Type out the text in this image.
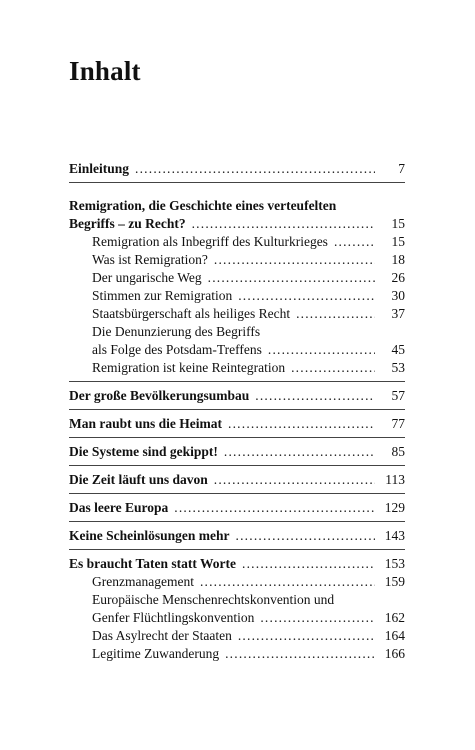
Inhalt
Einleitung .....	7
Remigration, die Geschichte eines verteufelten
Begriffs – zu Recht? .....	15
Remigration als Inbegriff des Kulturkrieges .....	15
Was ist Remigration? .....	18
Der ungarische Weg .....	26
Stimmen zur Remigration .....	30
Staatsbürgerschaft als heiliges Recht .....	37
Die Denunzierung des Begriffs
als Folge des Potsdam-Treffens .....	45
Remigration ist keine Reintegration .....	53
Der große Bevölkerungsumbau .....	57
Man raubt uns die Heimat .....	77
Die Systeme sind gekippt! .....	85
Die Zeit läuft uns davon .....	113
Das leere Europa .....	129
Keine Scheinlösungen mehr .....	143
Es braucht Taten statt Worte .....	153
Grenzmanagement .....	159
Europäische Menschenrechtskonvention und
Genfer Flüchtlingskonvention .....	162
Das Asylrecht der Staaten .....	164
Legitime Zuwanderung .....	166
